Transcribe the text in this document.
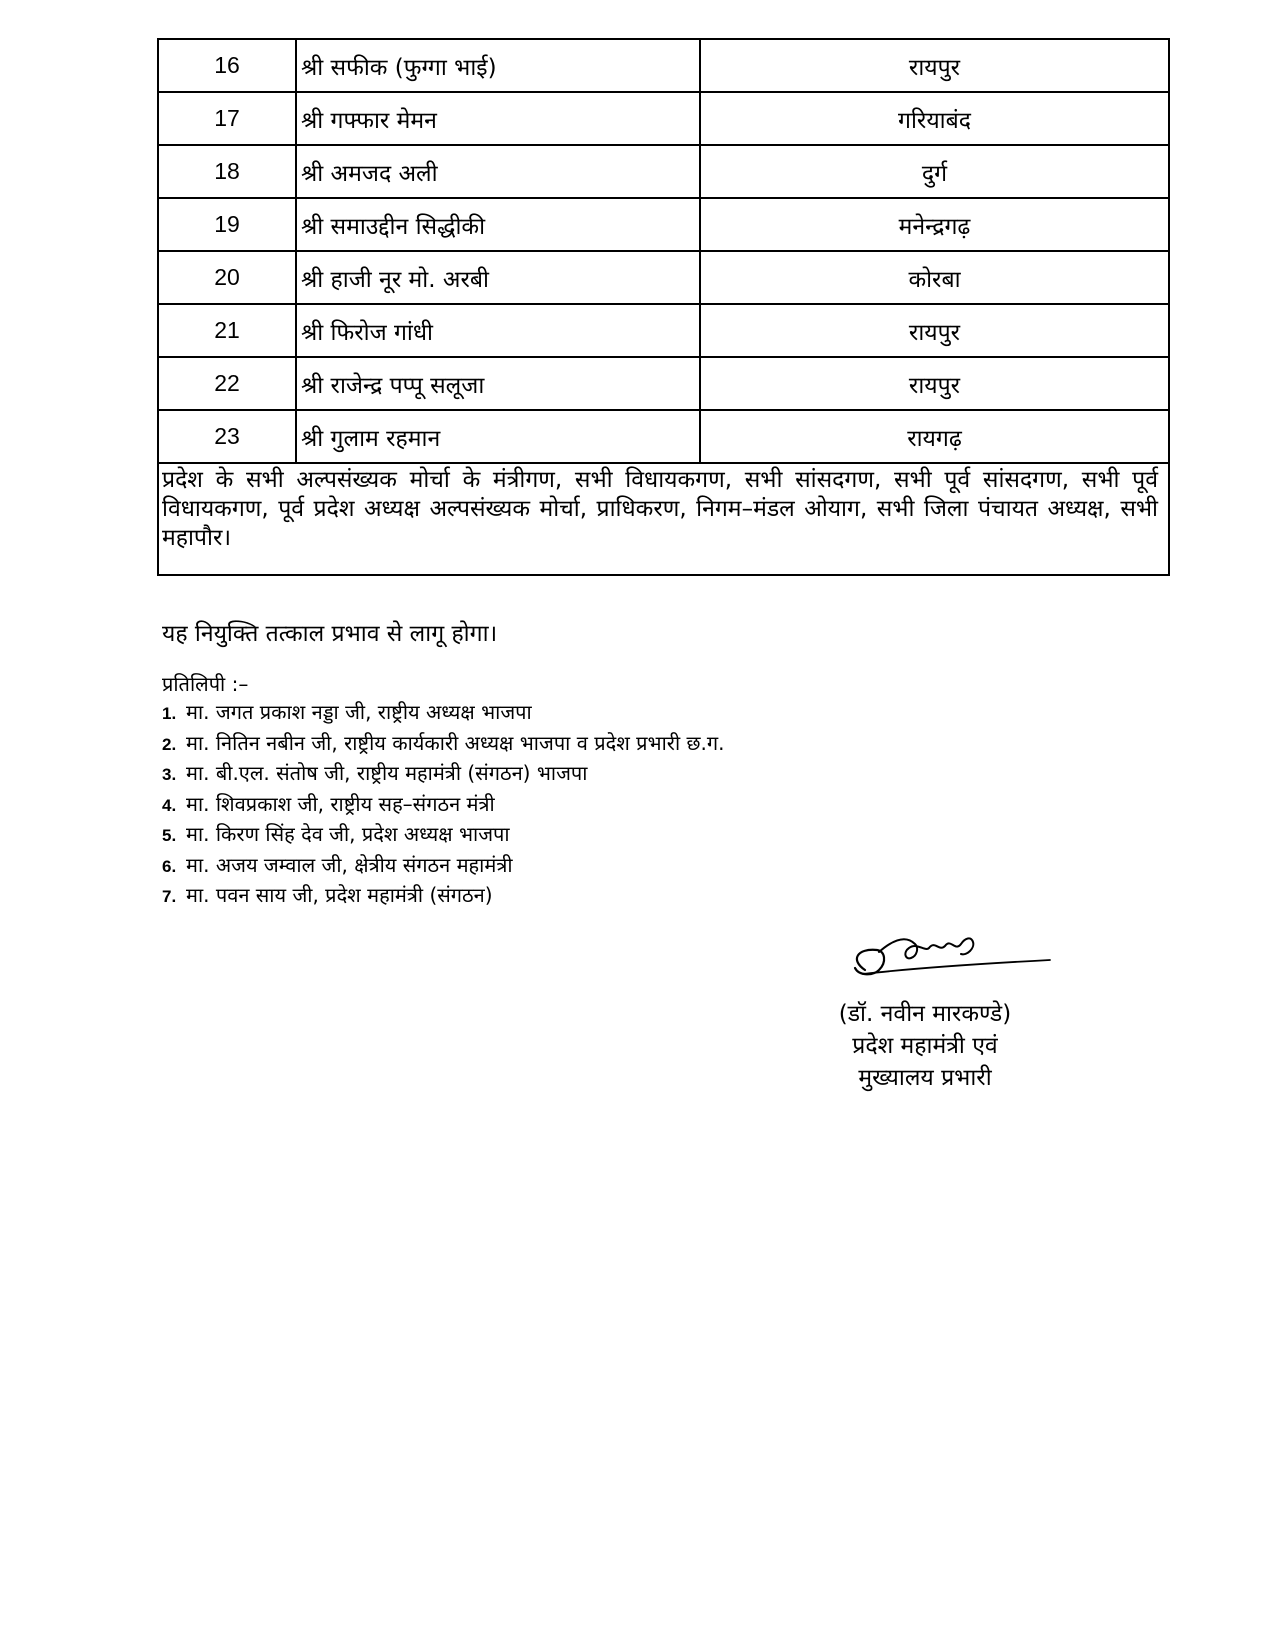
16	श्री सफीक (फुग्गा भाई)	रायपुर
17	श्री गफ्फार मेमन	गरियाबंद
18	श्री अमजद अली	दुर्ग
19	श्री समाउद्दीन सिद्धीकी	मनेन्द्रगढ़
20	श्री हाजी नूर मो. अरबी	कोरबा
21	श्री फिरोज गांधी	रायपुर
22	श्री राजेन्द्र पप्पू सलूजा	रायपुर
23	श्री गुलाम रहमान	रायगढ़
प्रदेश के सभी अल्पसंख्यक मोर्चा के मंत्रीगण, सभी विधायकगण, सभी सांसदगण, सभी पूर्व सांसदगण, सभी पूर्व विधायकगण, पूर्व प्रदेश अध्यक्ष अल्पसंख्यक मोर्चा, प्राधिकरण, निगम–मंडल ओयाग, सभी जिला पंचायत अध्यक्ष, सभी महापौर।		
यह नियुक्ति तत्काल प्रभाव से लागू होगा।
प्रतिलिपी :–
1. मा. जगत प्रकाश नड्डा जी, राष्ट्रीय अध्यक्ष भाजपा
2. मा. नितिन नबीन जी, राष्ट्रीय कार्यकारी अध्यक्ष भाजपा व प्रदेश प्रभारी छ.ग.
3. मा. बी.एल. संतोष जी, राष्ट्रीय महामंत्री (संगठन) भाजपा
4. मा. शिवप्रकाश जी, राष्ट्रीय सह–संगठन मंत्री
5. मा. किरण सिंह देव जी, प्रदेश अध्यक्ष भाजपा
6. मा. अजय जम्वाल जी, क्षेत्रीय संगठन महामंत्री
7. मा. पवन साय जी, प्रदेश महामंत्री (संगठन)
(डॉ. नवीन मारकण्डे)
प्रदेश महामंत्री एवं
मुख्यालय प्रभारी
